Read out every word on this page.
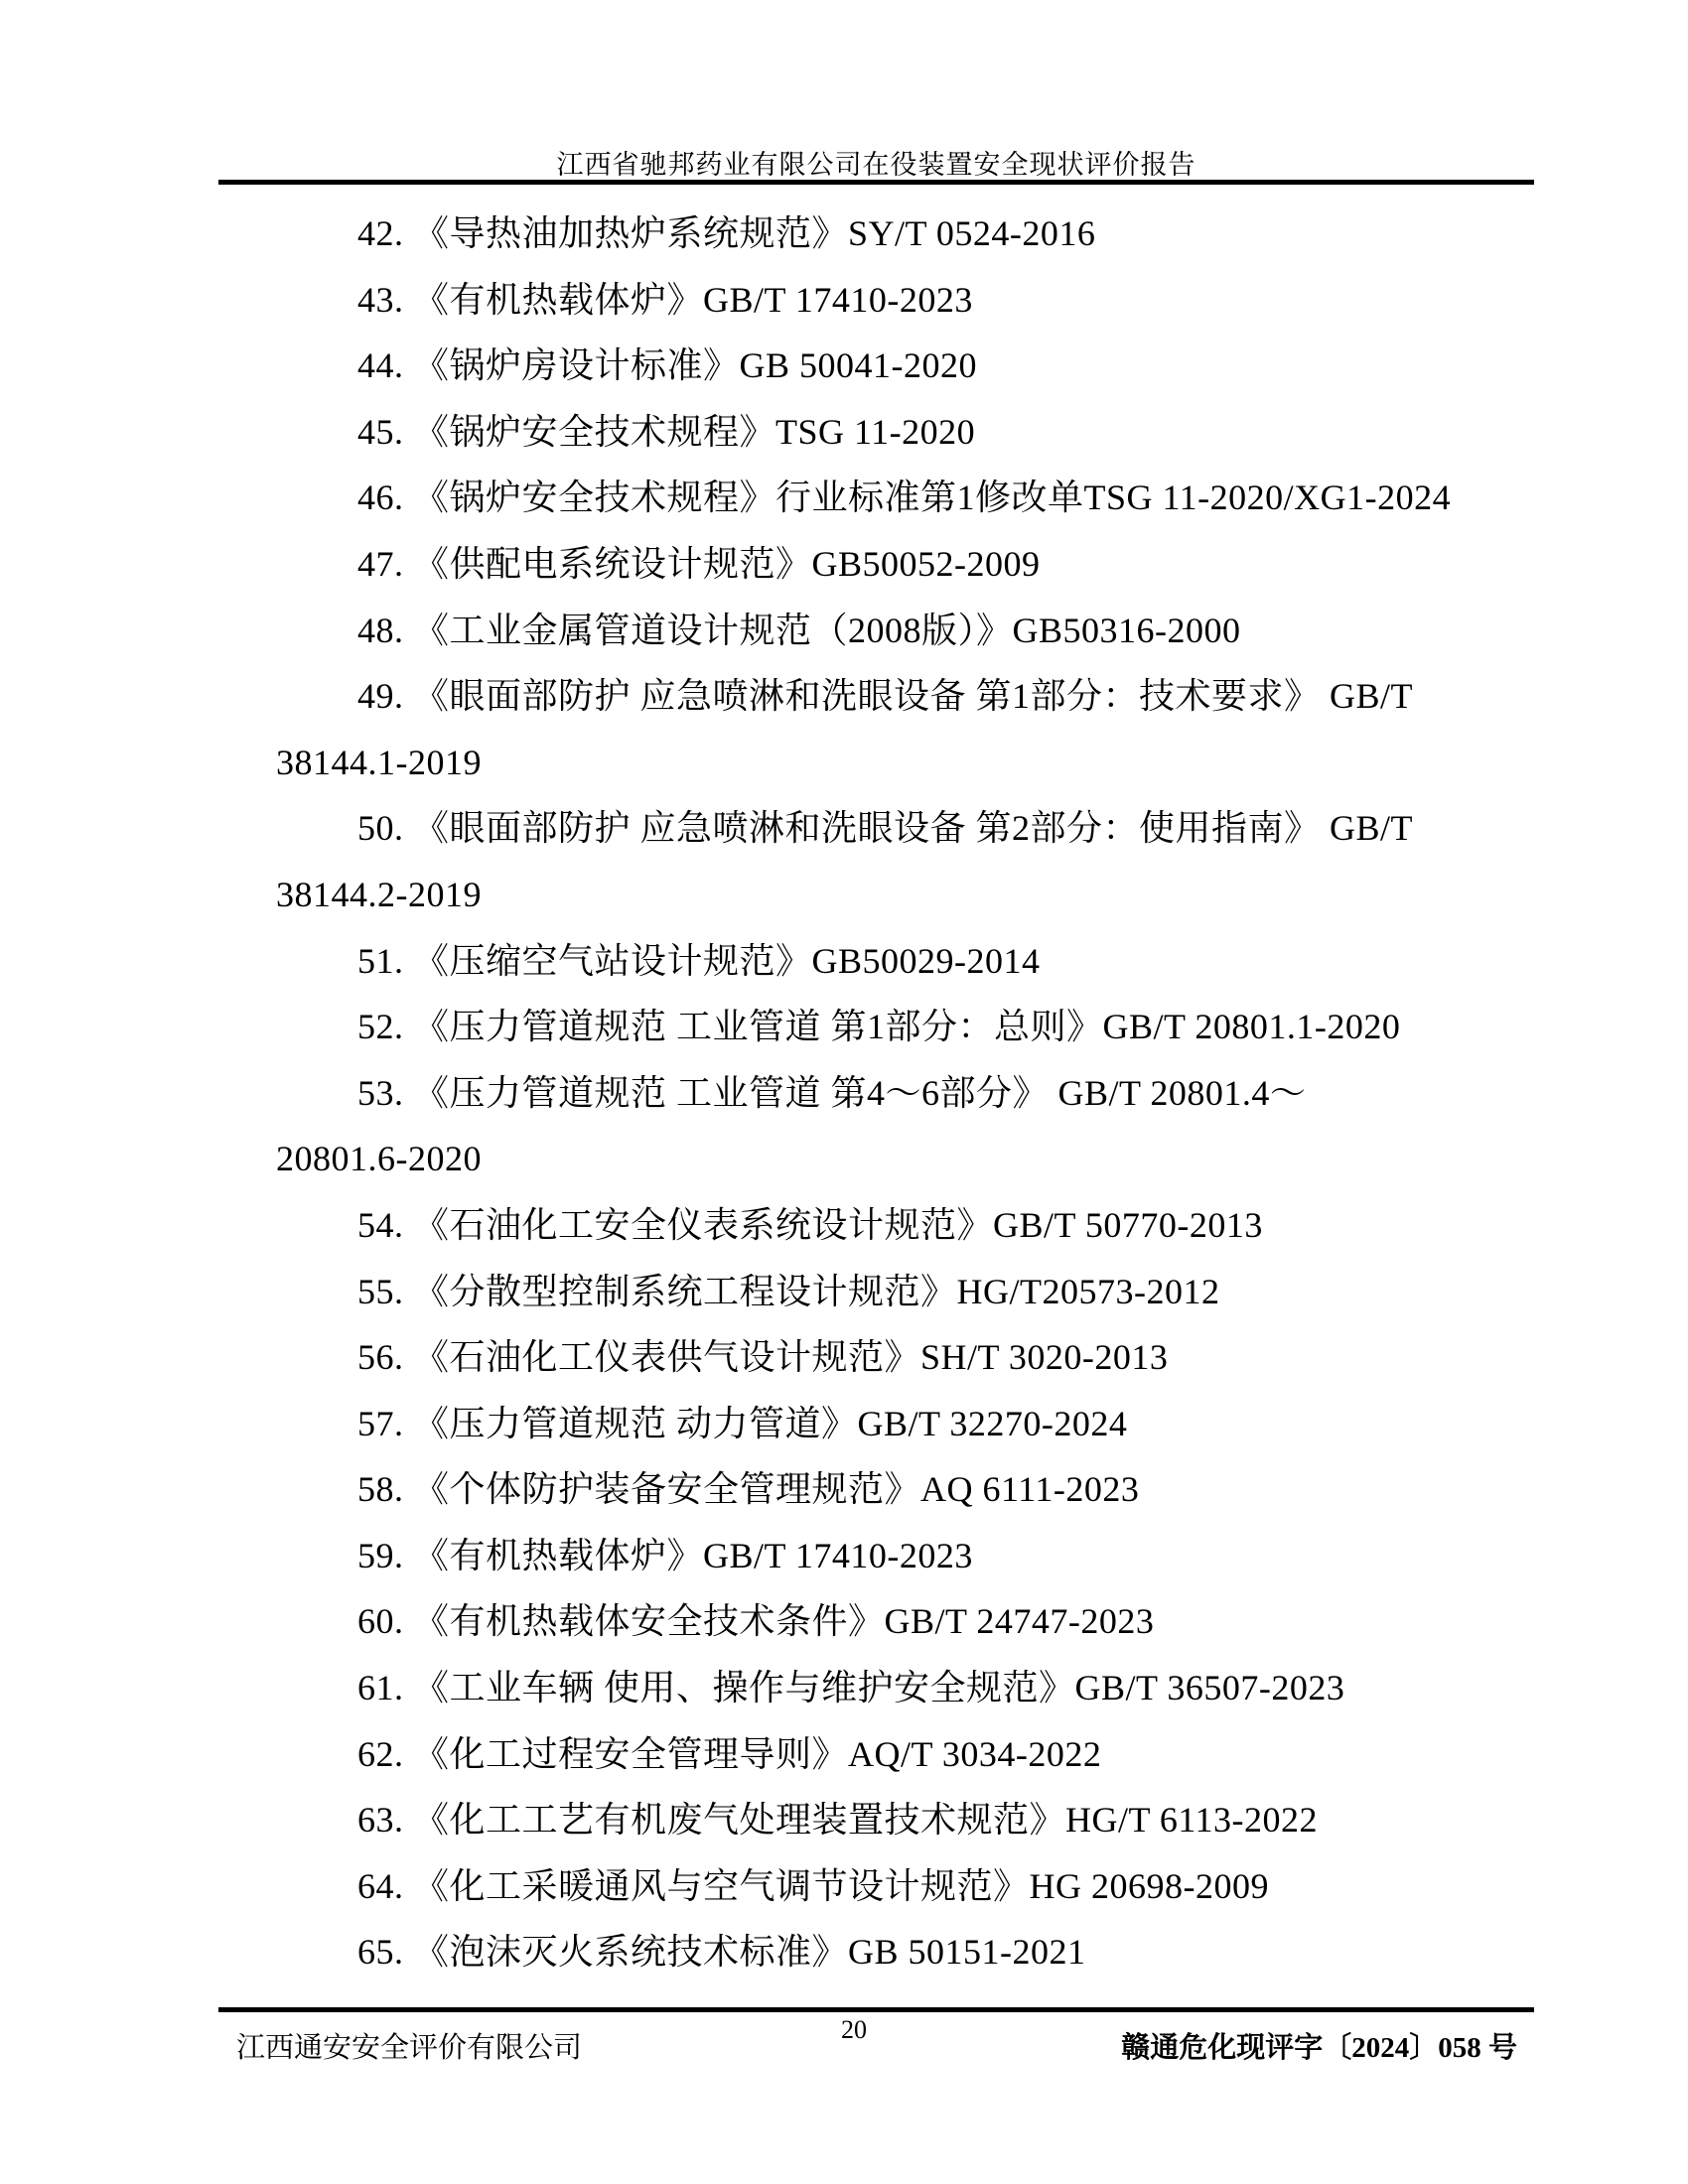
江西省驰邦药业有限公司在役装置安全现状评价报告
42. 《导热油加热炉系统规范》SY/T 0524-2016
43. 《有机热载体炉》GB/T 17410-2023
44. 《锅炉房设计标准》GB 50041-2020
45. 《锅炉安全技术规程》TSG 11-2020
46. 《锅炉安全技术规程》行业标准第1修改单TSG 11-2020/XG1-2024
47. 《供配电系统设计规范》GB50052-2009
48. 《工业金属管道设计规范（2008版）》GB50316-2000
49. 《眼面部防护 应急喷淋和洗眼设备 第1部分：技术要求》 GB/T
38144.1-2019
50. 《眼面部防护 应急喷淋和洗眼设备 第2部分：使用指南》 GB/T
38144.2-2019
51. 《压缩空气站设计规范》GB50029-2014
52. 《压力管道规范 工业管道 第1部分：总则》GB/T 20801.1-2020
53. 《压力管道规范 工业管道 第4～6部分》 GB/T 20801.4～
20801.6-2020
54. 《石油化工安全仪表系统设计规范》GB/T 50770-2013
55. 《分散型控制系统工程设计规范》HG/T20573-2012
56. 《石油化工仪表供气设计规范》SH/T 3020-2013
57. 《压力管道规范 动力管道》GB/T 32270-2024
58. 《个体防护装备安全管理规范》AQ 6111-2023
59. 《有机热载体炉》GB/T 17410-2023
60. 《有机热载体安全技术条件》GB/T 24747-2023
61. 《工业车辆 使用、操作与维护安全规范》GB/T 36507-2023
62. 《化工过程安全管理导则》AQ/T 3034-2022
63. 《化工工艺有机废气处理装置技术规范》HG/T 6113-2022
64. 《化工采暖通风与空气调节设计规范》HG 20698-2009
65. 《泡沫灭火系统技术标准》GB 50151-2021
江西通安安全评价有限公司
20
赣通危化现评字〔2024〕058 号
